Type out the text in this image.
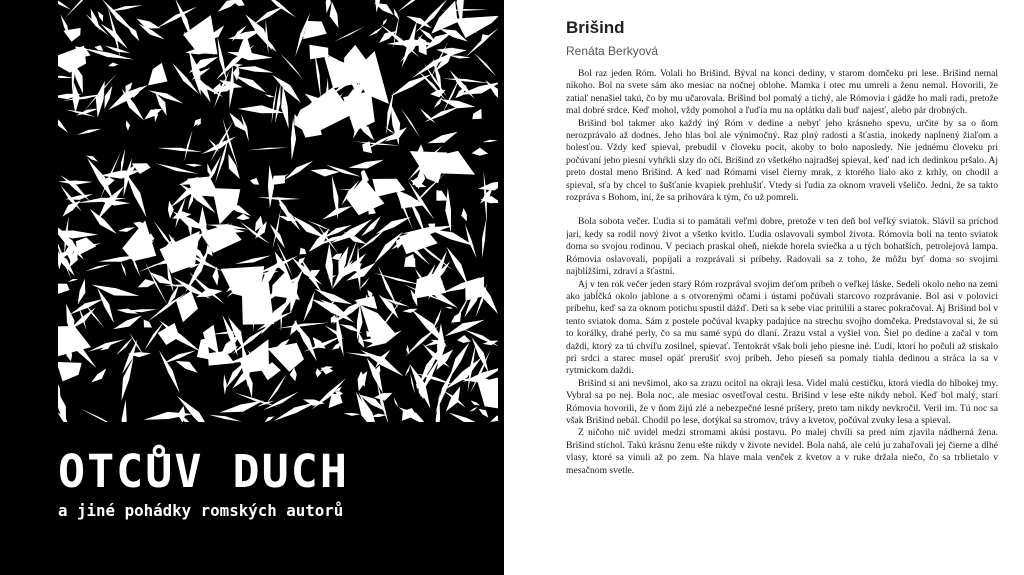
OTCŮV DUCH
a jiné pohádky romských autorů
Brišind
Renáta Berkyová

Bol raz jeden Róm. Volali ho Brišind. Býval na konci dediny, v starom domčeku pri lese. Brišind nemal nikoho. Bol na svete sám ako mesiac na nočnej oblohe. Mamka i otec mu umreli a ženu nemal. Hovorili, že zatiaľ nenašiel takú, čo by mu učarovala. Brišind bol pomalý a tichý, ale Rómovia i gádže ho mali radi, pretože mal dobré srdce. Keď mohol, vždy pomohol a ľuďia mu na oplátku dali bud' najesť, alebo pár drobných.

Brišind bol takmer ako každý iný Róm v dedine a nebyť jeho krásneho spevu, určite by sa o ňom nerozprávalo až dodnes. Jeho hlas bol ale výnimočný. Raz plný radosti a šťastia, inokedy naplnený žiaľom a bolesťou. Vždy keď spieval, prebudil v človeku pocit, akoby to bolo naposledy. Nie jednému človeku pri počúvaní jeho piesní vyhŕkli slzy do očí. Brišind zo všetkého najradšej spieval, keď nad ich dedinkou pršalo. Aj preto dostal meno Brišind. A keď nad Rómami visel čierny mrak, z ktorého lialo ako z krhly, on chodil a spieval, sťa by chcel to šušťanie kvapiek prehlušiť. Vtedy si ľudia za oknom vraveli všeličo. Jedni, že sa takto rozpráva s Bohom, iní, že sa prihovára k tým, čo už pomreli.

Bola sobota večer. Ľudia si to pamätali veľmi dobre, pretože v ten deň bol veľký sviatok. Slávil sa príchod jari, kedy sa rodil nový život a všetko kvitlo. Ľudia oslavovali symbol života. Rómovia boli na tento sviatok doma so svojou rodinou. V peciach praskal oheň, niekde horela sviečka a u tých bohatších, petrolejová lampa. Rómovia oslavovali, popíjali a rozprávali si príbehy. Radovali sa z toho, že môžu byť doma so svojimi najbližšími, zdraví a šťastní.

Aj v ten rok večer jeden starý Róm rozprával svojim deťom príbeh o veľkej láske. Sedeli okolo neho na zemi ako jabĺčká okolo jablone a s otvorenými očami i ústami počúvali starcovo rozprávanie. Bol asi v polovici príbehu, keď sa za oknom potichu spustil dážď. Deti sa k sebe viac pritúlili a starec pokračoval. Aj Brišind bol v tento sviatok doma. Sám z postele počúval kvapky padajúce na strechu svojho domčeka. Predstavoval si, že sú to korálky, drahé perly, čo sa mu samé sypú do dlaní. Zrazu vstal a vyšiel von. Šiel po dedine a začal v tom daždi, ktorý za tú chvíľu zosilnel, spievať. Tentokrát však boli jeho piesne iné. Ľudí, ktorí ho počuli až stiskalo pri srdci a starec musel opäť prerušiť svoj príbeh. Jeho pieseň sa pomaly tiahla dedinou a stráca la sa v rytmickom daždi.

Brišind si ani nevšimol, ako sa zrazu ocitol na okraji lesa. Videl malú cestičku, ktorá viedla do hlbokej tmy. Vybral sa po nej. Bola noc, ale mesiac osvetľoval cestu. Brišind v lese ešte nikdy nebol. Keď bol malý, starí Rómovia hovorili, že v ňom žijú zlé a nebezpečné lesné príšery, preto tam nikdy nevkročil. Veril im. Tú noc sa však Brišind nebál. Chodil po lese, dotýkal sa stromov, trávy a kvetov, počúval zvuky lesa a spieval.

Z ničoho nič uvidel medzi stromami akúsi postavu. Po malej chvíli sa pred ním zjavila nádherná žena. Brišind stíchol. Takú krásnu ženu ešte nikdy v živote nevidel. Bola nahá, ale celú ju zahaľovali jej čierne a dlhé vlasy, ktoré sa vinuli až po zem. Na hlave mala venček z kvetov a v ruke držala niečo, čo sa trblietalo v mesačnom svetle.
